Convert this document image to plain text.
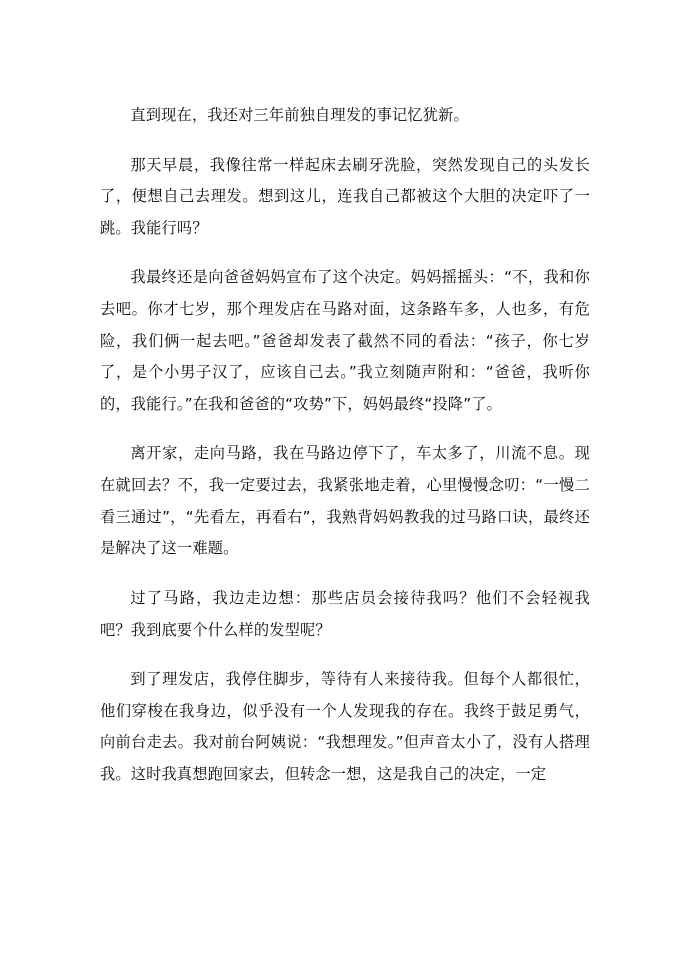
直到现在，我还对三年前独自理发的事记忆犹新。

那天早晨，我像往常一样起床去刷牙洗脸，突然发现自己的头发长了，便想自己去理发。想到这儿，连我自己都被这个大胆的决定吓了一跳。我能行吗？

我最终还是向爸爸妈妈宣布了这个决定。妈妈摇摇头：“不，我和你去吧。你才七岁，那个理发店在马路对面，这条路车多，人也多，有危险，我们俩一起去吧。”爸爸却发表了截然不同的看法：“孩子，你七岁了，是个小男子汉了，应该自己去。”我立刻随声附和：“爸爸，我听你的，我能行。”在我和爸爸的“攻势”下，妈妈最终“投降”了。

离开家，走向马路，我在马路边停下了，车太多了，川流不息。现在就回去？不，我一定要过去，我紧张地走着，心里慢慢念叨：“一慢二看三通过”，“先看左，再看右”，我熟背妈妈教我的过马路口诀，最终还是解决了这一难题。

过了马路，我边走边想：那些店员会接待我吗？他们不会轻视我吧？我到底要个什么样的发型呢？

到了理发店，我停住脚步，等待有人来接待我。但每个人都很忙，他们穿梭在我身边，似乎没有一个人发现我的存在。我终于鼓足勇气，向前台走去。我对前台阿姨说：“我想理发。”但声音太小了，没有人搭理我。这时我真想跑回家去，但转念一想，这是我自己的决定，一定
